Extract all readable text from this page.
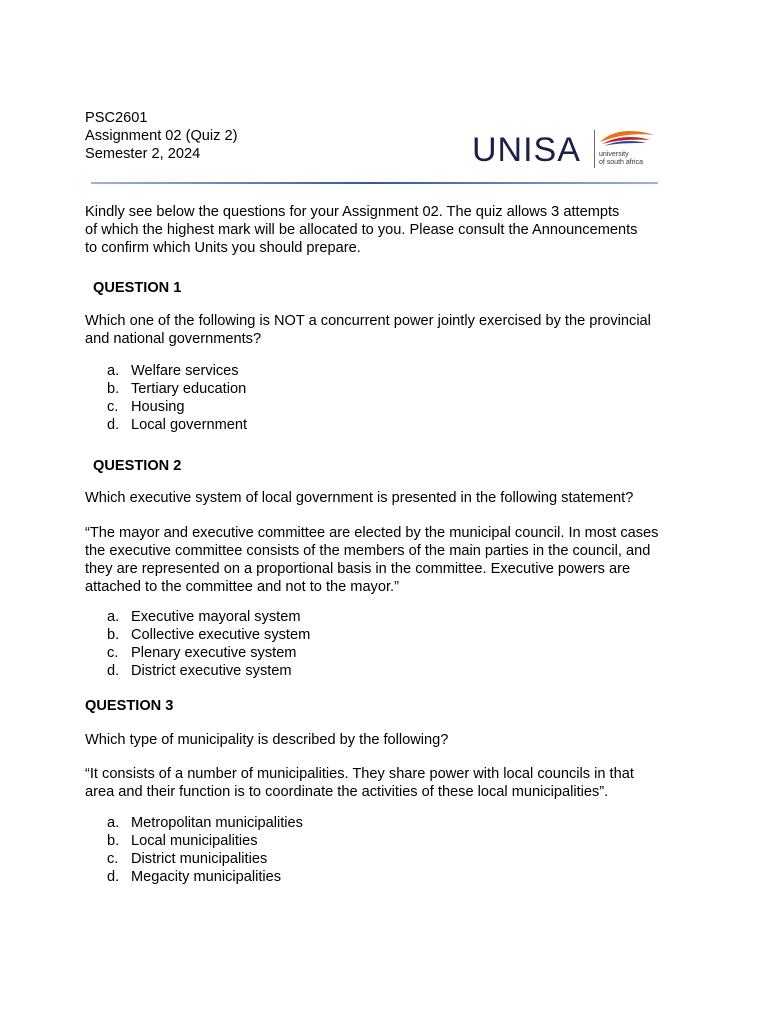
PSC2601
Assignment 02 (Quiz 2)
Semester 2, 2024	UNISA	university
of south africa
Kindly see below the questions for your Assignment 02. The quiz allows 3 attempts
of which the highest mark will be allocated to you. Please consult the Announcements
to confirm which Units you should prepare.
QUESTION 1
Which one of the following is NOT a concurrent power jointly exercised by the provincial
and national governments?
a. Welfare services
b. Tertiary education
c. Housing
d. Local government
QUESTION 2
Which executive system of local government is presented in the following statement?
“The mayor and executive committee are elected by the municipal council. In most cases
the executive committee consists of the members of the main parties in the council, and
they are represented on a proportional basis in the committee. Executive powers are
attached to the committee and not to the mayor.”
a. Executive mayoral system
b. Collective executive system
c. Plenary executive system
d. District executive system
QUESTION 3
Which type of municipality is described by the following?
“It consists of a number of municipalities. They share power with local councils in that
area and their function is to coordinate the activities of these local municipalities”.
a. Metropolitan municipalities
b. Local municipalities
c. District municipalities
d. Megacity municipalities
